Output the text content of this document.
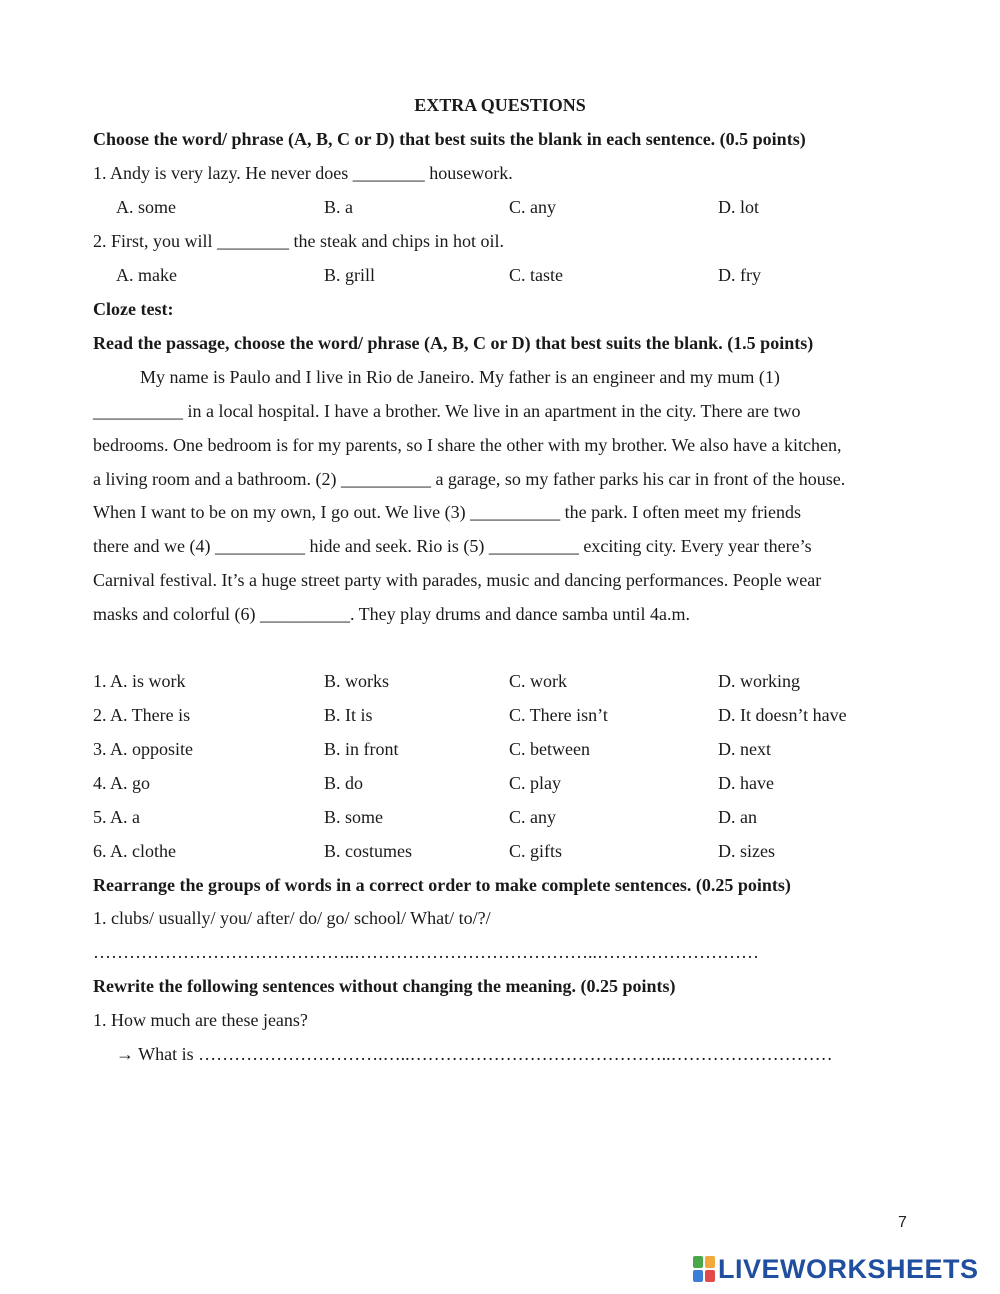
EXTRA QUESTIONS
Choose the word/ phrase (A, B, C or D) that best suits the blank in each sentence. (0.5 points)
1. Andy is very lazy. He never does ________ housework.
A. some	B. a	C. any	D. lot
2. First, you will ________ the steak and chips in hot oil.
A. make	B. grill	C. taste	D. fry
Cloze test:
Read the passage, choose the word/ phrase (A, B, C or D) that best suits the blank. (1.5 points)
My name is Paulo and I live in Rio de Janeiro. My father is an engineer and my mum (1)
__________ in a local hospital. I have a brother. We live in an apartment in the city. There are two
bedrooms. One bedroom is for my parents, so I share the other with my brother. We also have a kitchen,
a living room and a bathroom. (2) __________ a garage, so my father parks his car in front of the house.
When I want to be on my own, I go out. We live (3) __________ the park. I often meet my friends
there and we (4) __________ hide and seek. Rio is (5) __________ exciting city. Every year there’s
Carnival festival. It’s a huge street party with parades, music and dancing performances. People wear
masks and colorful (6) __________. They play drums and dance samba until 4a.m.
1. A. is work	B. works	C. work	D. working
2. A. There is	B. It is	C. There isn’t	D. It doesn’t have
3. A. opposite	B. in front	C. between	D. next
4. A. go	B. do	C. play	D. have
5. A. a	B. some	C. any	D. an
6. A. clothe	B. costumes	C. gifts	D. sizes
Rearrange the groups of words in a correct order to make complete sentences. (0.25 points)
1. clubs/ usually/ you/ after/ do/ go/ school/ What/ to/?/
……………………………………..…………………………………..………………………
Rewrite the following sentences without changing the meaning. (0.25 points)
1. How much are these jeans?
→ What is ………………………….…..……………………………………..………………………
7
LIVEWORKSHEETS
